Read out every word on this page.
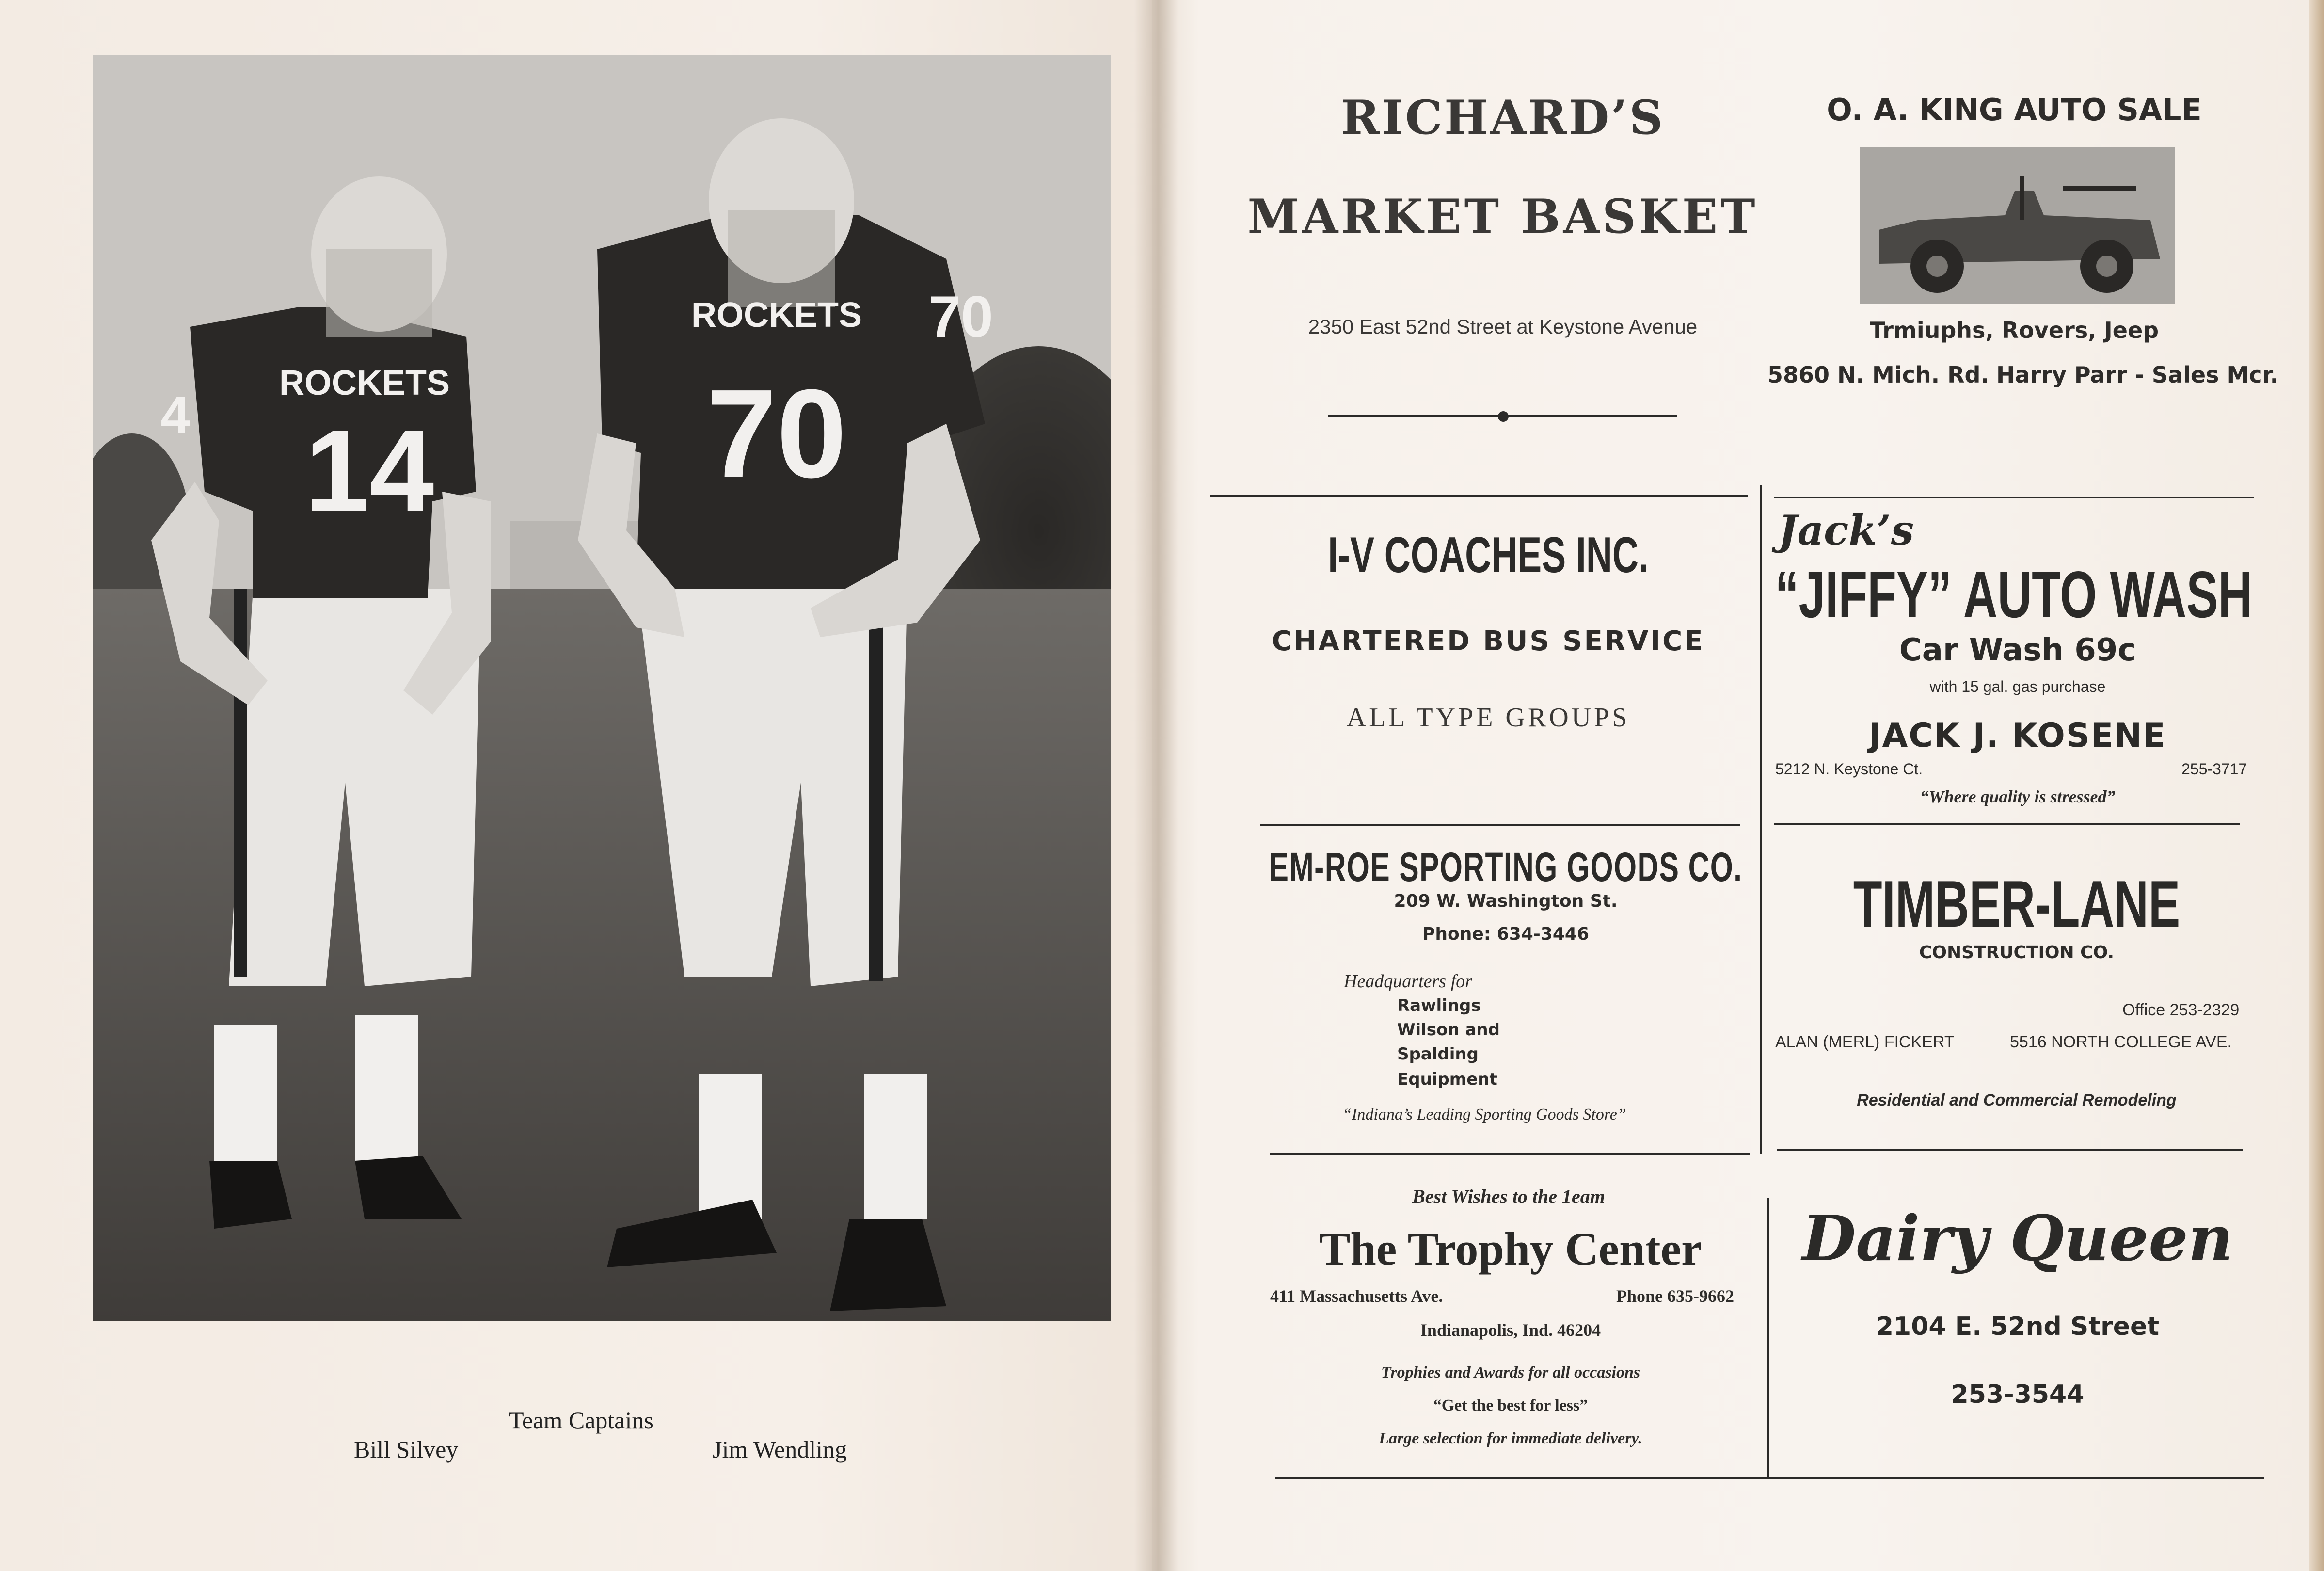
ROCKETS
14
4
ROCKETS
70
70
Team Captains
Bill Silvey	Jim Wendling
RICHARD’S
MARKET BASKET
2350 East 52nd Street at Keystone Avenue
O. A. KING AUTO SALE
Trmiuphs, Rovers, Jeep
5860 N. Mich. Rd. Harry Parr - Sales Mcr.
I-V COACHES INC.
CHARTERED BUS SERVICE
ALL TYPE GROUPS
Jack’s
“JIFFY” AUTO WASH
Car Wash 69c
with 15 gal. gas purchase
JACK J. KOSENE
5212 N. Keystone Ct.	255-3717
“Where quality is stressed”
EM-ROE SPORTING GOODS CO.
209 W. Washington St.
Phone: 634-3446
Headquarters for
Rawlings
Wilson and
Spalding
Equipment
“Indiana’s Leading Sporting Goods Store”
TIMBER-LANE
CONSTRUCTION CO.
Office 253-2329
ALAN (MERL) FICKERT	5516 NORTH COLLEGE AVE.
Residential and Commercial Remodeling
Best Wishes to the 1eam
The Trophy Center
411 Massachusetts Ave.	Phone 635-9662
Indianapolis, Ind. 46204
Trophies and Awards for all occasions
“Get the best for less”
Large selection for immediate delivery.
Dairy Queen
2104 E. 52nd Street
253-3544
